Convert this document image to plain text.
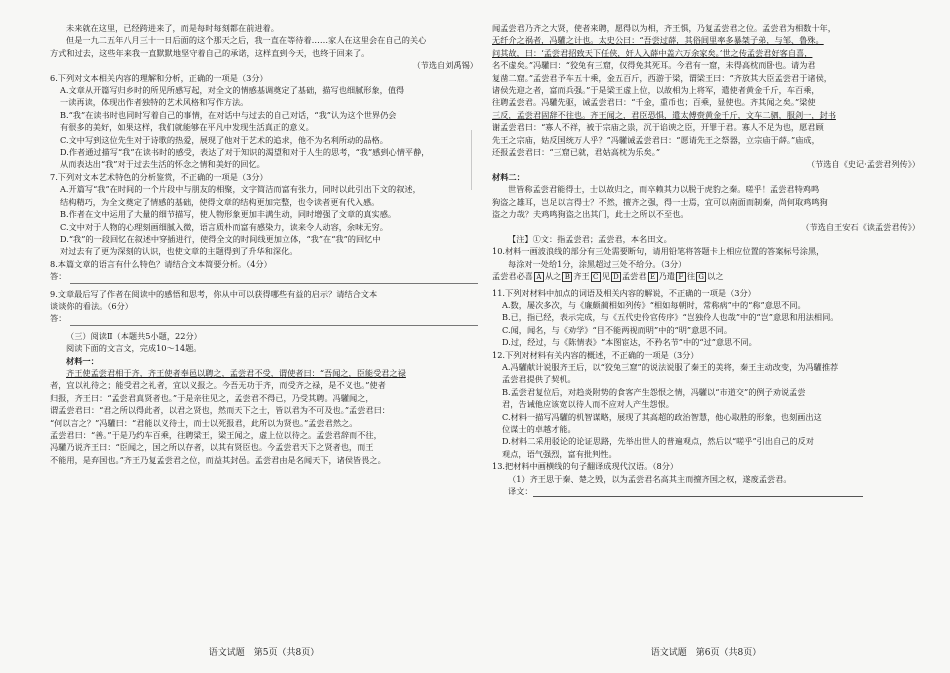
未来就在这里，已经跨进来了，而是每时每刻都在前进着。

但是一九二五年八月三十一日后面的这个那天之后，我一直在等待着……家人在这里会在自己的关心

方式和过去，这些年来我一直默默地坚守着自己的承诺，这样直到今天，也终于回来了。

（节选自刘禹锡）

6.下列对文本相关内容的理解和分析，正确的一项是（3分）

A.文章从开篇写归乡时的所见所感写起，对全文的情感基调奠定了基础，描写也细腻形象，值得

一读再读，体现出作者独特的艺术风格和写作方法。

B.“我”在读书时也同时写着自己的事情，在对话中与过去的自己对话，“我”认为这个世界仍会

有很多的美好，如果这样，我们就能够在平凡中发现生活真正的意义。

C.文中写到这位先生对于诗歌的热爱，展现了他对于艺术的追求，他不为名利所动的品格。

D.作者通过描写“我”在读书时的感受，表达了对于知识的渴望和对于人生的思考，“我”感到心情平静，

从而表达出“我”对于过去生活的怀念之情和美好的回忆。

7.下列对文本艺术特色的分析鉴赏，不正确的一项是（3分）

A.开篇写“我”在时间的一个片段中与朋友的相聚，文字简洁而富有张力，同时以此引出下文的叙述，

结构精巧，为全文奠定了情感的基础，使得文章的结构更加完整，也令读者更有代入感。

B.作者在文中运用了大量的细节描写，使人物形象更加丰满生动，同时增强了文章的真实感。

C.文中对于人物的心理刻画细腻入微，语言质朴而富有感染力，读来令人动容，余味无穷。

D.“我”的一段回忆在叙述中穿插进行，使得全文的时间线更加立体，“我”在“我”的回忆中

对过去有了更为深刻的认识，也使文章的主题得到了升华和深化。

8.本篇文章的语言有什么特色？请结合文本简要分析。（4分）

答：

9.文章最后写了作者在阅读中的感悟和思考，你从中可以获得哪些有益的启示？请结合文本

谈谈你的看法。（6分）

答：

（三）阅读Ⅱ（本题共5小题，22分）

阅读下面的文言文，完成10～14题。

材料一：

齐王使孟尝君相于齐，齐王使者奉邑以聘之，孟尝君不受，谓使者曰：“吾闻之，臣能受君之禄

者，宜以礼待之；能受君之礼者，宜以义报之。今吾无功于齐，而受齐之禄，是不义也。”使者

归报，齐王曰：“孟尝君真贤者也。”于是亲往见之，孟尝君不得已，乃受其聘。冯驩闻之，

谓孟尝君曰：“君之所以得此者，以君之贤也，然而天下之士，皆以君为不可及也。”孟尝君曰：

“何以言之？”冯驩曰：“君能以义待士，而士以死报君，此所以为贤也。”孟尝君然之。

孟尝君曰：“善。”于是乃约车百乘，往聘梁王，梁王闻之，虚上位以待之。孟尝君辞而不往，

冯驩乃说齐王曰：“臣闻之，国之所以存者，以其有贤臣也。今孟尝君天下之贤者也，而王

不能用，是弃国也。”齐王乃复孟尝君之位，而益其封邑。孟尝君由是名闻天下，诸侯皆畏之。

闻孟尝君乃齐之大贤，使者来聘，愿得以为相，齐王惧，乃复孟尝君之位。孟尝君为相数十年，

无纤介之祸者，冯驩之计也。太史公曰：“吾尝过薛，其俗闾里率多暴桀子弟，与邹、鲁殊。

问其故，曰：‘孟尝君招致天下任侠，奸人入薛中盖六万余家矣。’世之传孟尝君好客自喜，

名不虚矣。”冯驩曰：“狡兔有三窟，仅得免其死耳。今君有一窟，未得高枕而卧也。请为君

复凿二窟。”孟尝君予车五十乘，金五百斤，西游于梁，谓梁王曰：“齐放其大臣孟尝君于诸侯，

诸侯先迎之者，富而兵强。”于是梁王虚上位，以故相为上将军，遣使者黄金千斤，车百乘，

往聘孟尝君。冯驩先驱，诫孟尝君曰：“千金，重币也；百乘，显使也。齐其闻之矣。”梁使

三反，孟尝君固辞不往也。齐王闻之，君臣恐惧，遣太傅赍黄金千斤，文车二驷，服剑一，封书

谢孟尝君曰：“寡人不祥，被于宗庙之祟，沉于谄谀之臣，开罪于君。寡人不足为也，愿君顾

先王之宗庙，姑反国统万人乎？”冯驩诫孟尝君曰：“愿请先王之祭器，立宗庙于薛。”庙成，

还报孟尝君曰：“三窟已就，君姑高枕为乐矣。”

（节选自《史记·孟尝君列传》）

材料二：

世皆称孟尝君能得士，士以故归之，而卒赖其力以脱于虎豹之秦。嗟乎！孟尝君特鸡鸣

狗盗之雄耳，岂足以言得士？不然，擅齐之强，得一士焉，宜可以南面而制秦，尚何取鸡鸣狗

盗之力哉？夫鸡鸣狗盗之出其门，此士之所以不至也。

（节选自王安石《读孟尝君传》）

【注】①文：指孟尝君；孟尝君，本名田文。

10.材料一画波浪线的部分有三处需要断句，请用铅笔将答题卡上相应位置的答案标号涂黑，

每涂对一处给1分，涂黑超过三处不给分。（3分）

孟尝君必喜 A 从之 B 齐王 C 见 D 孟尝君 E 乃遣 F 往 G 以之

11.下列对材料中加点的词语及相关内容的解说，不正确的一项是（3分）

A.数，屡次多次，与《廉颇蔺相如列传》“相如每朝时，常称病”中的“称”意思不同。

B.已，指已经，表示完成，与《五代史伶官传序》“岂独伶人也哉”中的“岂”意思和用法相同。

C.闻，闻名，与《劝学》“目不能两视而明”中的“明”意思不同。

D.过，经过，与《陈情表》“本图宦达，不矜名节”中的“过”意思不同。

12.下列对材料有关内容的概述，不正确的一项是（3分）

A.冯驩献计说服齐王后，以“狡兔三窟”的说法说服了秦王的美将，秦王主动改变，为冯驩推荐

孟尝君提供了契机。

B.孟尝君复位后，对趋炎附势的食客产生怨恨之情，冯驩以“市道交”的例子劝说孟尝

君，告诫他应该宽以待人而不应对人产生怨恨。

C.材料一描写冯驩的机智谋略，展现了其高超的政治智慧，他心取胜的形象，也刻画出这

位谋士的卓越才能。

D.材料二采用驳论的论证思路，先举出世人的普遍观点，然后以“嗟乎”引出自己的反对

观点，语气强烈，富有批判性。

13.把材料中画横线的句子翻译成现代汉语。（8分）

（1）齐王思于秦、楚之毁，以为孟尝君名高其主而擅齐国之权，遂废孟尝君。

译文：
语文试题　第5页（共8页）	语文试题　第6页（共8页）
